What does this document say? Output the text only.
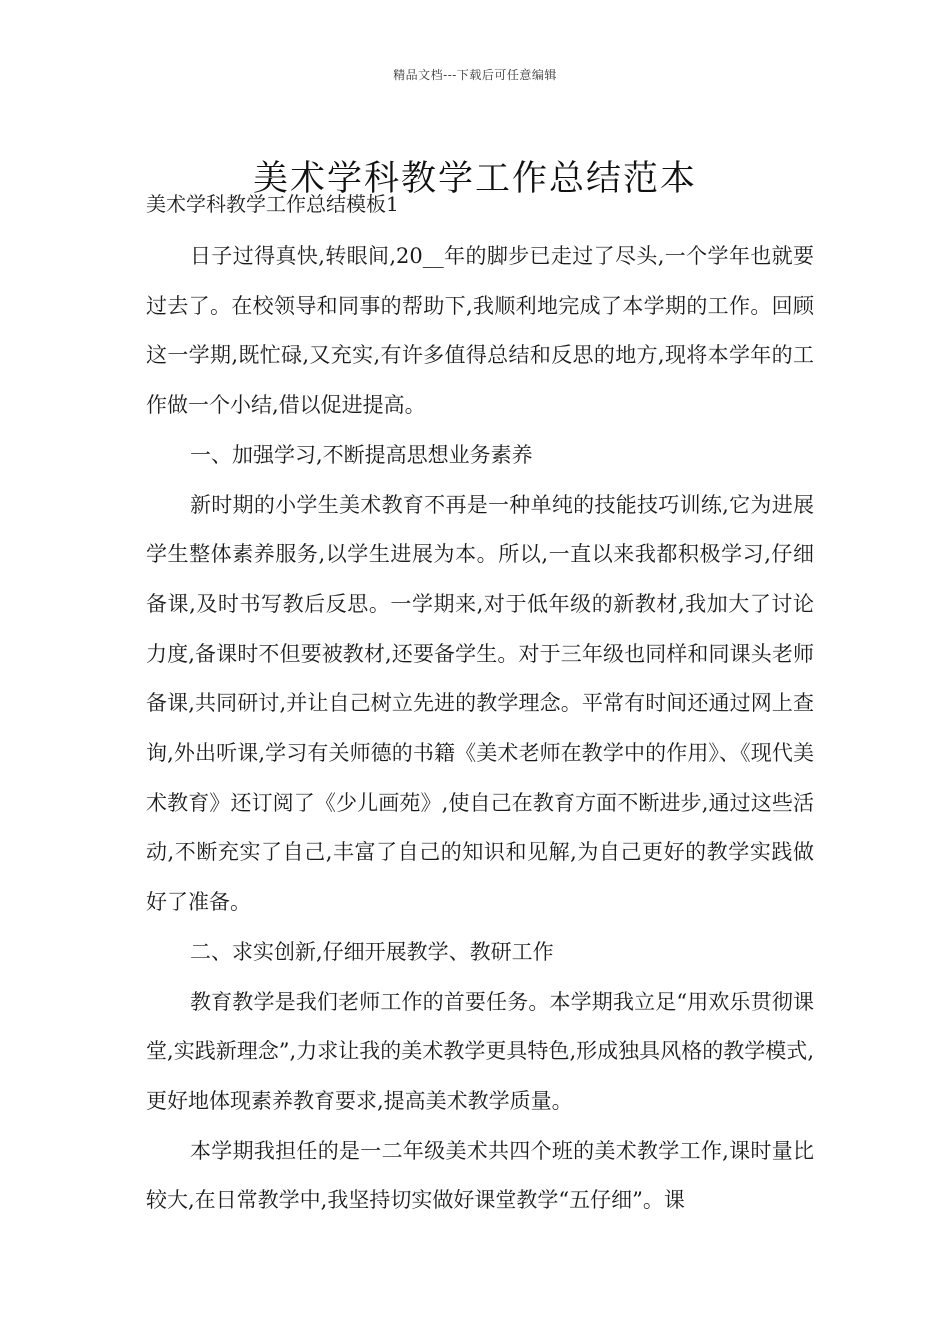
精品文档---下载后可任意编辑
美术学科教学工作总结范本
美术学科教学工作总结模板1

日子过得真快,转眼间,20__年的脚步已走过了尽头,一个学年也就要过去了。在校领导和同事的帮助下,我顺利地完成了本学期的工作。回顾这一学期,既忙碌,又充实,有许多值得总结和反思的地方,现将本学年的工作做一个小结,借以促进提高。

一、加强学习,不断提高思想业务素养

新时期的小学生美术教育不再是一种单纯的技能技巧训练,它为进展学生整体素养服务,以学生进展为本。所以,一直以来我都积极学习,仔细备课,及时书写教后反思。一学期来,对于低年级的新教材,我加大了讨论力度,备课时不但要被教材,还要备学生。对于三年级也同样和同课头老师备课,共同研讨,并让自己树立先进的教学理念。平常有时间还通过网上查询,外出听课,学习有关师德的书籍《美术老师在教学中的作用》、《现代美术教育》还订阅了《少儿画苑》,使自己在教育方面不断进步,通过这些活动,不断充实了自己,丰富了自己的知识和见解,为自己更好的教学实践做好了准备。

二、求实创新,仔细开展教学、教研工作

教育教学是我们老师工作的首要任务。本学期我立足“用欢乐贯彻课堂,实践新理念”,力求让我的美术教学更具特色,形成独具风格的教学模式,更好地体现素养教育要求,提高美术教学质量。

本学期我担任的是一二年级美术共四个班的美术教学工作,课时量比较大,在日常教学中,我坚持切实做好课堂教学“五仔细”。课
